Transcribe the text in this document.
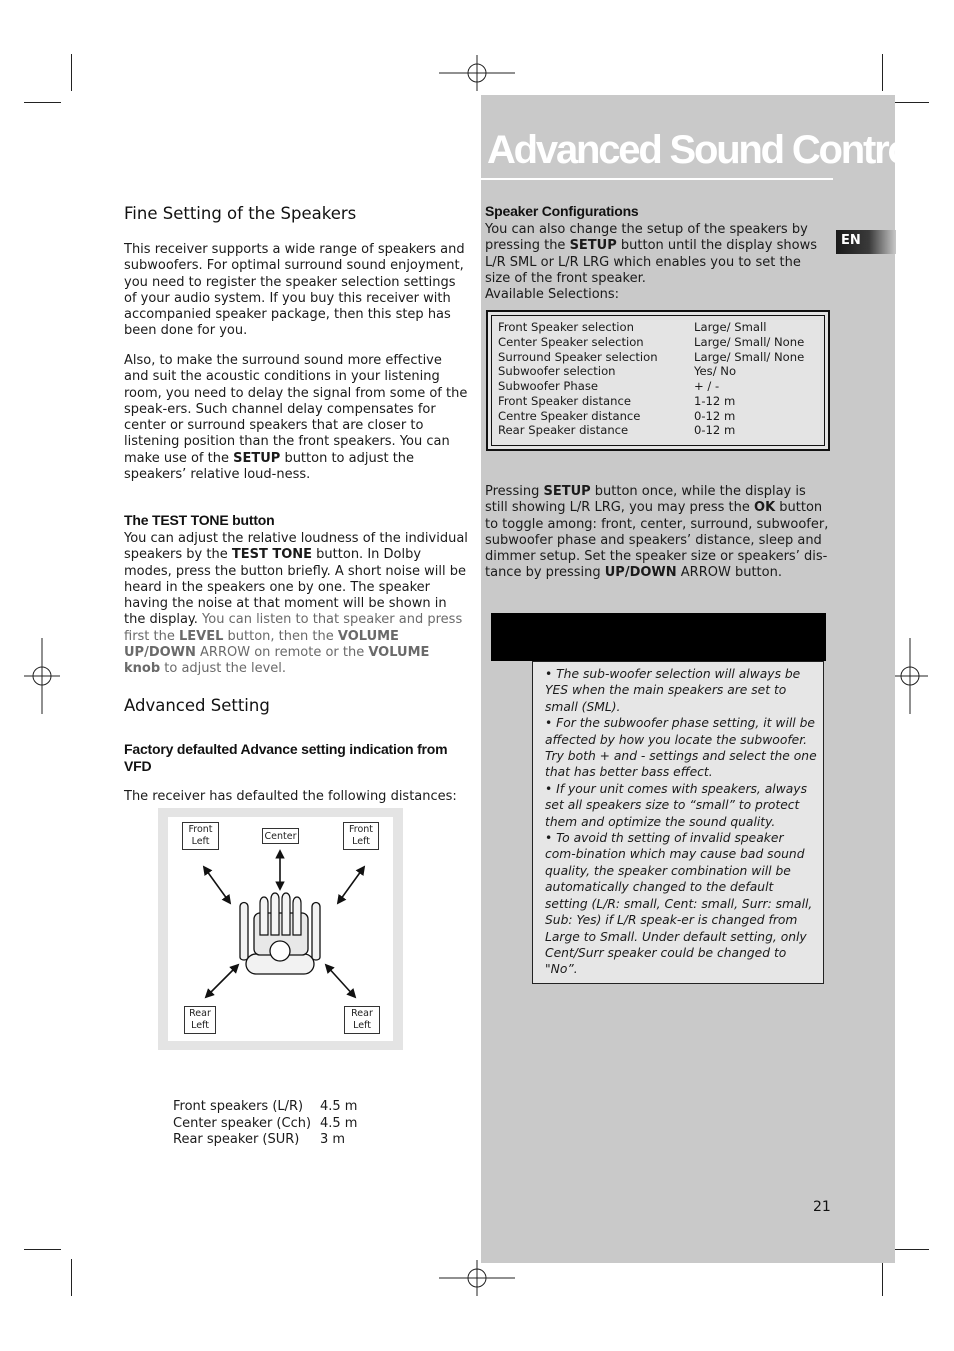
Advanced Sound Control
EN
Fine Setting of the Speakers

This receiver supports a wide range of speakers and subwoofers. For optimal surround sound enjoyment, you need to register the speaker selection settings of your audio system. If you buy this receiver with accompanied speaker package, then this step has been done for you.

Also, to make the surround sound more effective and suit the acoustic conditions in your listening room, you need to delay the signal from some of the speak-ers. Such channel delay compensates for center or surround speakers that are closer to listening position than the front speakers. You can make use of the SETUP button to adjust the speakers’ relative loud-ness.

The TEST TONE button

You can adjust the relative loudness of the individual speakers by the TEST TONE button. In Dolby modes, press the button briefly. A short noise will be heard in the speakers one by one. The speaker having the noise at that moment will be shown in the display. You can listen to that speaker and press first the LEVEL button, then the VOLUME UP/DOWN ARROW on remote or the VOLUME knob to adjust the level.

Advanced Setting
Factory defaulted Advance setting indication from VFD

The receiver has defaulted the following distances:

Front Left	Center
Front Left
Rear Left
Rear Left
Front speakers (L/R) 4.5 m
Center speaker (Cch) 4.5 m
Rear speaker (SUR) 3 m
Speaker Configurations

You can also change the setup of the speakers by pressing the SETUP button until the display shows L/R SML or L/R LRG which enables you to set the size of the front speaker.
Available Selections:

Front Speaker selection	Large/ Small
Center Speaker selection	Large/ Small/ None
Surround Speaker selection	Large/ Small/ None
Subwoofer selection	Yes/ No
Subwoofer Phase	+ / -
Front Speaker distance	1-12 m
Centre Speaker distance	0-12 m
Rear Speaker distance	0-12 m

Pressing SETUP button once, while the display is still showing L/R LRG, you may press the OK button to toggle among: front, center, surround, subwoofer, subwoofer phase and speakers’ distance, sleep and dimmer setup. Set the speaker size or speakers’ dis-tance by pressing UP/DOWN ARROW button.

• The sub-woofer selection will always be YES when the main speakers are set to small (SML).
• For the subwoofer phase setting, it will be affected by how you locate the subwoofer. Try both + and - settings and select the one that has better bass effect.
• If your unit comes with speakers, always set all speakers size to “small” to protect them and optimize the sound quality.
• To avoid th setting of invalid speaker com-bination which may cause bad sound quality, the speaker combination will be automatically changed to the default setting (L/R: small, Cent: small, Surr: small, Sub: Yes) if L/R speak-er is changed from Large to Small. Under default setting, only Cent/Surr speaker could be changed to "No”.
21
